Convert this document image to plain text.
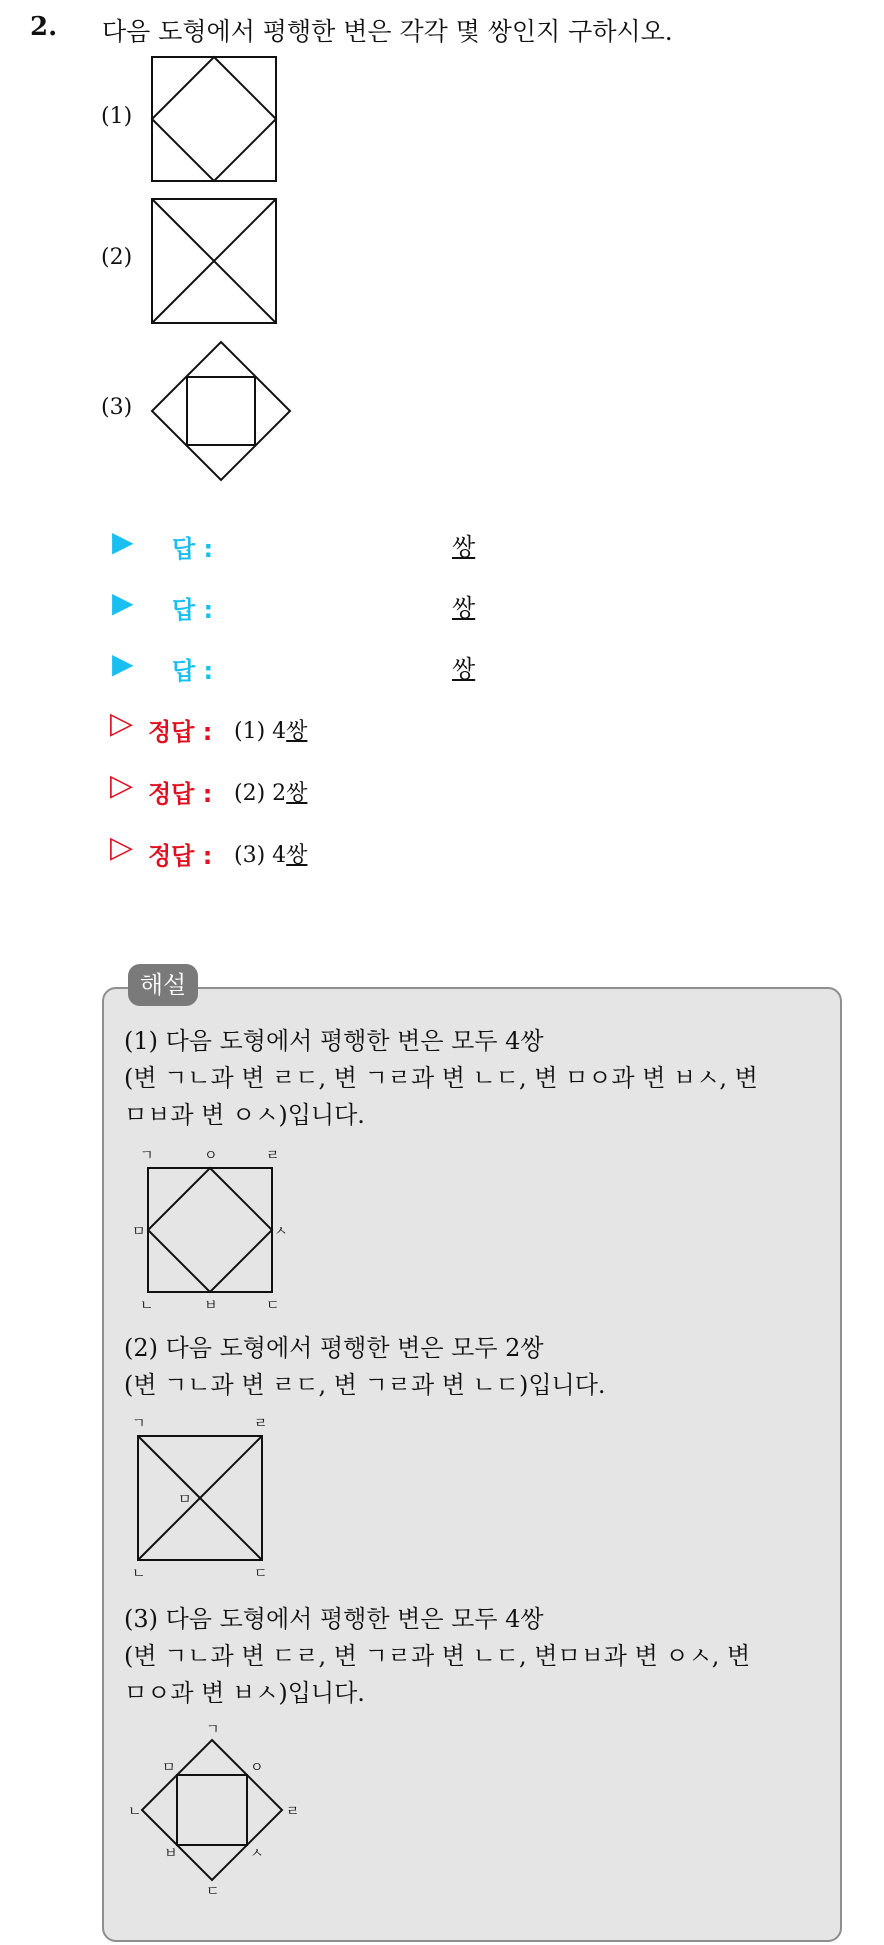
2. 다음 도형에서 평행한 변은 각각 몇 쌍인지 구하시오.
(1)
(2)
(3)
▶ 답 :	쌍
▶ 답 :	쌍
▶ 답 :	쌍
▷ 정답 : (1) 4쌍
▷ 정답 : (2) 2쌍
▷ 정답 : (3) 4쌍
해설
(1) 다음 도형에서 평행한 변은 모두 4쌍
(변 ㄱㄴ과 변 ㄹㄷ, 변 ㄱㄹ과 변 ㄴㄷ, 변 ㅁㅇ과 변 ㅂㅅ, 변
ㅁㅂ과 변 ㅇㅅ)입니다.
ㄱ	ㅇ	ㄹ
ㅁ	ㅅ
ㄴ	ㅂ	ㄷ
(2) 다음 도형에서 평행한 변은 모두 2쌍
(변 ㄱㄴ과 변 ㄹㄷ, 변 ㄱㄹ과 변 ㄴㄷ)입니다.
ㄱ	ㄹ
ㅁ
ㄴ	ㄷ
(3) 다음 도형에서 평행한 변은 모두 4쌍
(변 ㄱㄴ과 변 ㄷㄹ, 변 ㄱㄹ과 변 ㄴㄷ, 변ㅁㅂ과 변 ㅇㅅ, 변
ㅁㅇ과 변 ㅂㅅ)입니다.
ㄱ
ㅁ	ㅇ
ㄴ	ㄹ
ㅂ	ㅅ
ㄷ
